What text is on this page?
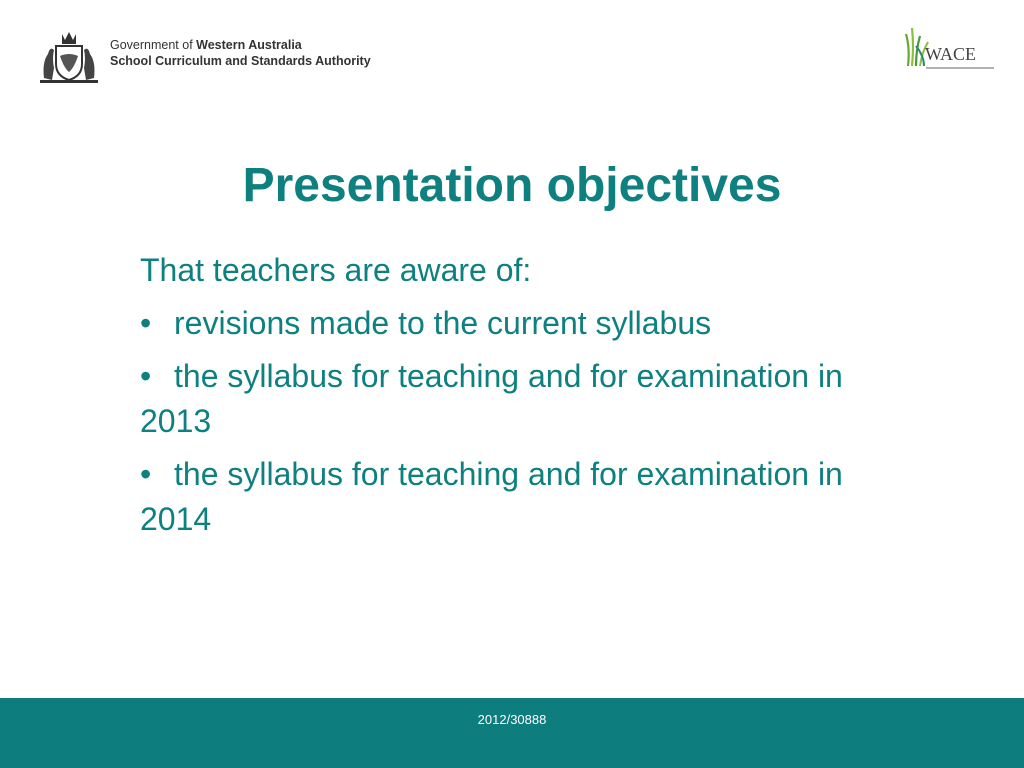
Government of Western Australia
School Curriculum and Standards Authority	WACE
Presentation objectives

That teachers are aware of:

• revisions made to the current syllabus

• the syllabus for teaching and for examination in 2013

• the syllabus for teaching and for examination in 2014

2012/30888
